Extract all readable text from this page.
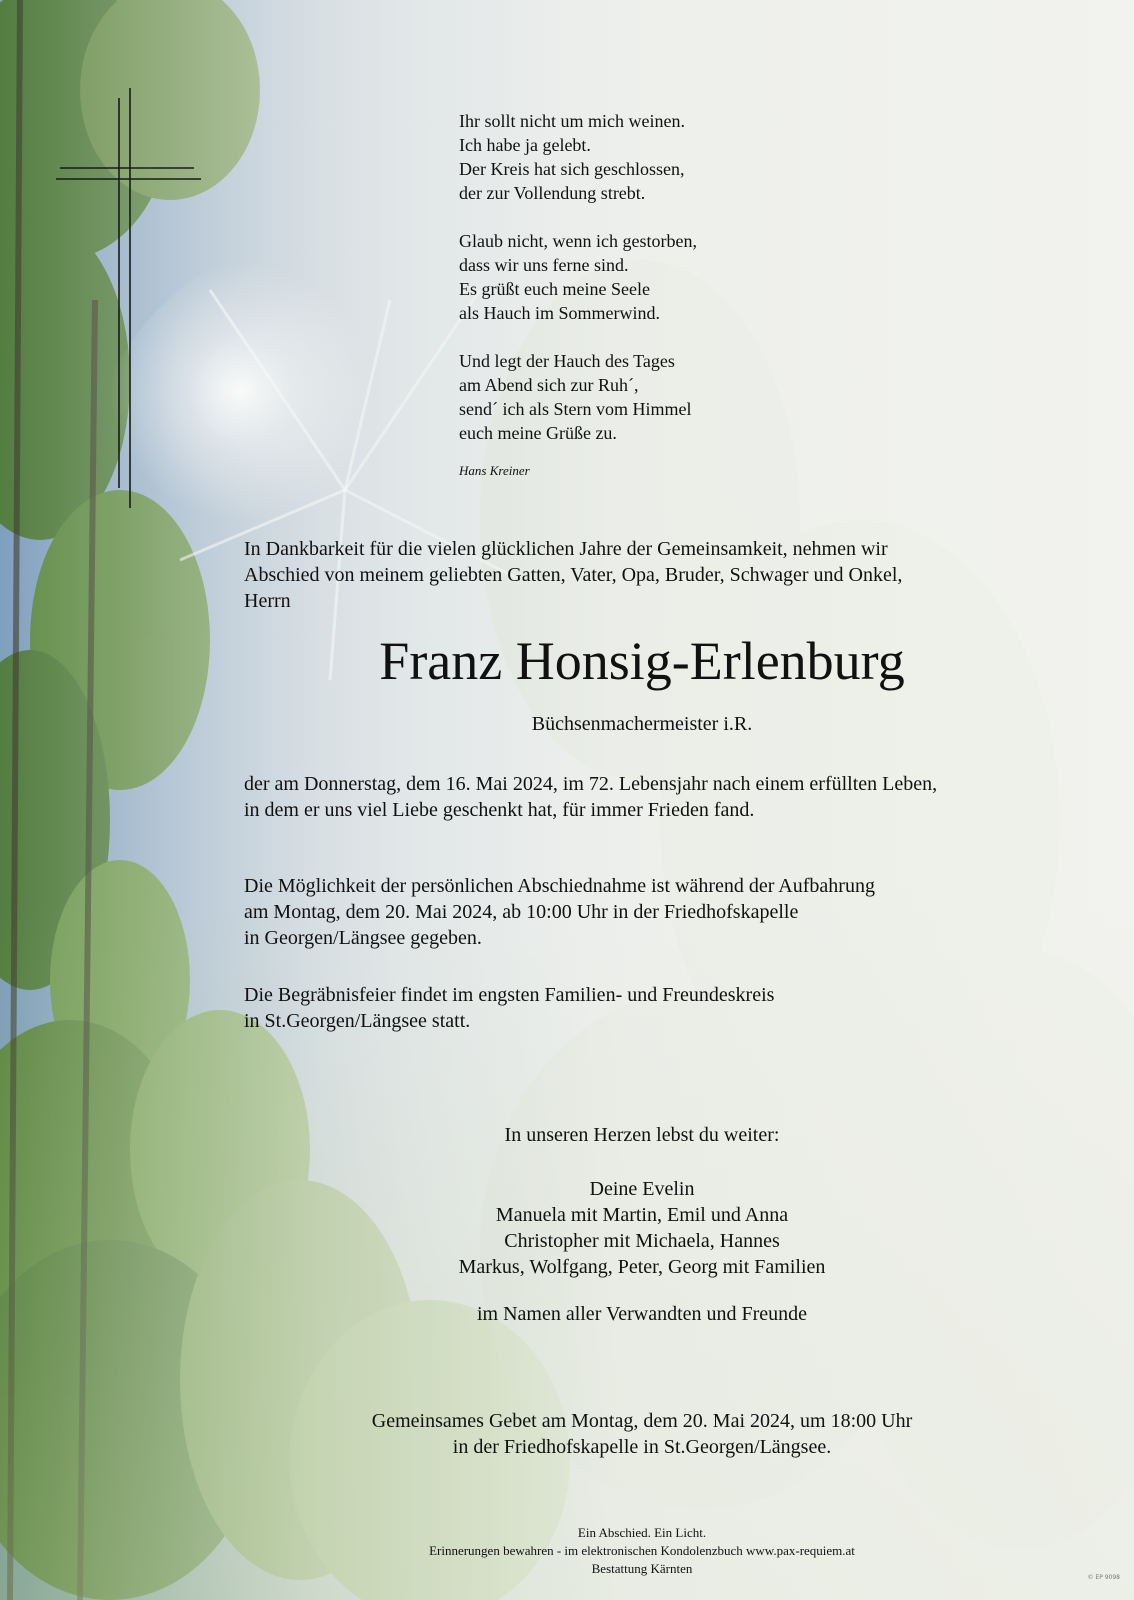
Ihr sollt nicht um mich weinen.
Ich habe ja gelebt.
Der Kreis hat sich geschlossen,
der zur Vollendung strebt.
Glaub nicht, wenn ich gestorben,
dass wir uns ferne sind.
Es grüßt euch meine Seele
als Hauch im Sommerwind.
Und legt der Hauch des Tages
am Abend sich zur Ruh´,
send´ ich als Stern vom Himmel
euch meine Grüße zu.
Hans Kreiner
In Dankbarkeit für die vielen glücklichen Jahre der Gemeinsamkeit, nehmen wir
Abschied von meinem geliebten Gatten, Vater, Opa, Bruder, Schwager und Onkel,
Herrn
Franz Honsig-Erlenburg
Büchsenmachermeister i.R.
der am Donnerstag, dem 16. Mai 2024, im 72. Lebensjahr nach einem erfüllten Leben,
in dem er uns viel Liebe geschenkt hat, für immer Frieden fand.
Die Möglichkeit der persönlichen Abschiednahme ist während der Aufbahrung
am Montag, dem 20. Mai 2024, ab 10:00 Uhr in der Friedhofskapelle
in Georgen/Längsee gegeben.
Die Begräbnisfeier findet im engsten Familien- und Freundeskreis
in St.Georgen/Längsee statt.
In unseren Herzen lebst du weiter:
Deine Evelin
Manuela mit Martin, Emil und Anna
Christopher mit Michaela, Hannes
Markus, Wolfgang, Peter, Georg mit Familien
im Namen aller Verwandten und Freunde
Gemeinsames Gebet am Montag, dem 20. Mai 2024, um 18:00 Uhr
in der Friedhofskapelle in St.Georgen/Längsee.
Ein Abschied. Ein Licht.
Erinnerungen bewahren - im elektronischen Kondolenzbuch www.pax-requiem.at
Bestattung Kärnten
© EP 9098
